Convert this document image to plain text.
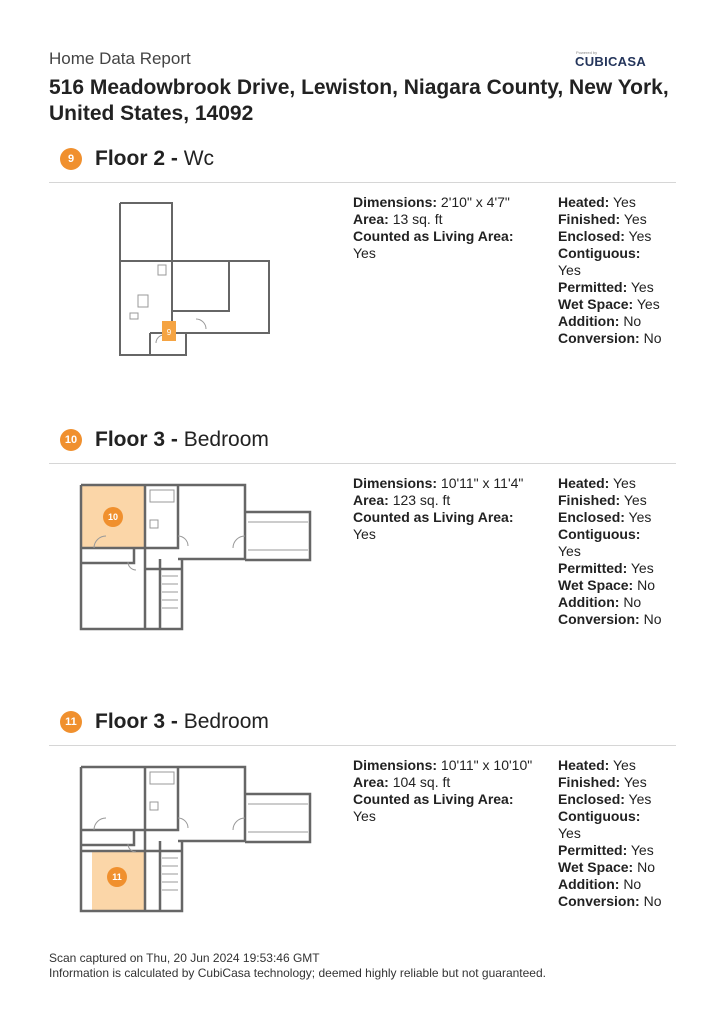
Home Data Report	Powered by
CUBICASA
516 Meadowbrook Drive, Lewiston, Niagara County, New York, United States, 14092
9 Floor 2 - Wc
9
Dimensions: 2'10" x 4'7"
Area: 13 sq. ft
Counted as Living Area:
Yes
Heated: Yes
Finished: Yes
Enclosed: Yes
Contiguous:
Yes
Permitted: Yes
Wet Space: Yes
Addition: No
Conversion: No
10 Floor 3 - Bedroom
10
Dimensions: 10'11" x 11'4"
Area: 123 sq. ft
Counted as Living Area:
Yes
Heated: Yes
Finished: Yes
Enclosed: Yes
Contiguous:
Yes
Permitted: Yes
Wet Space: No
Addition: No
Conversion: No
11 Floor 3 - Bedroom
11
Dimensions: 10'11" x 10'10"
Area: 104 sq. ft
Counted as Living Area:
Yes
Heated: Yes
Finished: Yes
Enclosed: Yes
Contiguous:
Yes
Permitted: Yes
Wet Space: No
Addition: No
Conversion: No
Scan captured on Thu, 20 Jun 2024 19:53:46 GMT
Information is calculated by CubiCasa technology; deemed highly reliable but not guaranteed.
